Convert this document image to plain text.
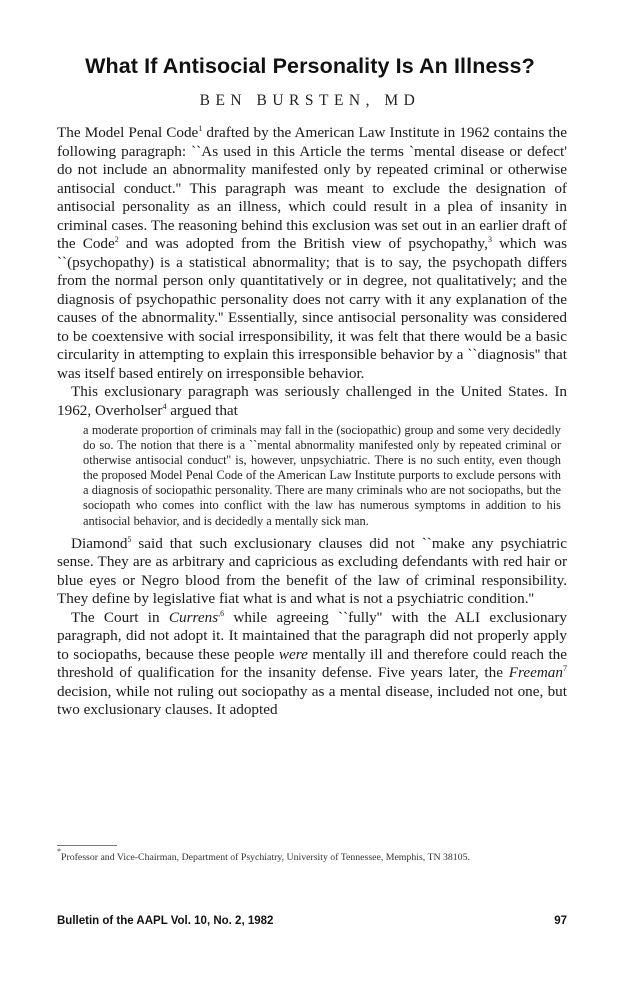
What If Antisocial Personality Is An Illness?
BEN BURSTEN, MD

The Model Penal Code$^1$ drafted by the American Law Institute in 1962 contains the following paragraph: ``As used in this Article the terms `mental disease or defect' do not include an abnormality manifested only by repeated criminal or otherwise antisocial conduct.'' This paragraph was meant to exclude the designation of antisocial personality as an illness, which could result in a plea of insanity in criminal cases. The reasoning behind this exclusion was set out in an earlier draft of the Code$^2$ and was adopted from the British view of psychopathy,$^3$ which was ``(psychopathy) is a statistical abnormality; that is to say, the psychopath differs from the normal person only quantitatively or in degree, not qualitatively; and the diagnosis of psychopathic personality does not carry with it any explanation of the causes of the abnormality.'' Essentially, since antisocial personality was considered to be coextensive with social irresponsibility, it was felt that there would be a basic circularity in attempting to explain this irresponsible behavior by a ``diagnosis'' that was itself based entirely on irresponsible behavior.

This exclusionary paragraph was seriously challenged in the United States. In 1962, Overholser$^4$ argued that

a moderate proportion of criminals may fall in the (sociopathic) group and some very decidedly do so. The notion that there is a ``mental abnormality manifested only by repeated criminal or otherwise antisocial conduct'' is, however, unpsychiatric. There is no such entity, even though the proposed Model Penal Code of the American Law Institute purports to exclude persons with a diagnosis of sociopathic personality. There are many criminals who are not sociopaths, but the sociopath who comes into conflict with the law has numerous symptoms in addition to his antisocial behavior, and is decidedly a mentally sick man.

Diamond$^5$ said that such exclusionary clauses did not ``make any psychiatric sense. They are as arbitrary and capricious as excluding defendants with red hair or blue eyes or Negro blood from the benefit of the law of criminal responsibility. They define by legislative fiat what is and what is not a psychiatric condition.''

The Court in Currens$^{,6}$ while agreeing ``fully'' with the ALI exclusionary paragraph, did not adopt it. It maintained that the paragraph did not properly apply to sociopaths, because these people were mentally ill and therefore could reach the threshold of qualification for the insanity defense. Five years later, the Freeman$^7$ decision, while not ruling out sociopathy as a mental disease, included not one, but two exclusionary clauses. It adopted

*Professor and Vice-Chairman, Department of Psychiatry, University of Tennessee, Memphis, TN 38105.
Bulletin of the AAPL Vol. 10, No. 2, 1982	97
